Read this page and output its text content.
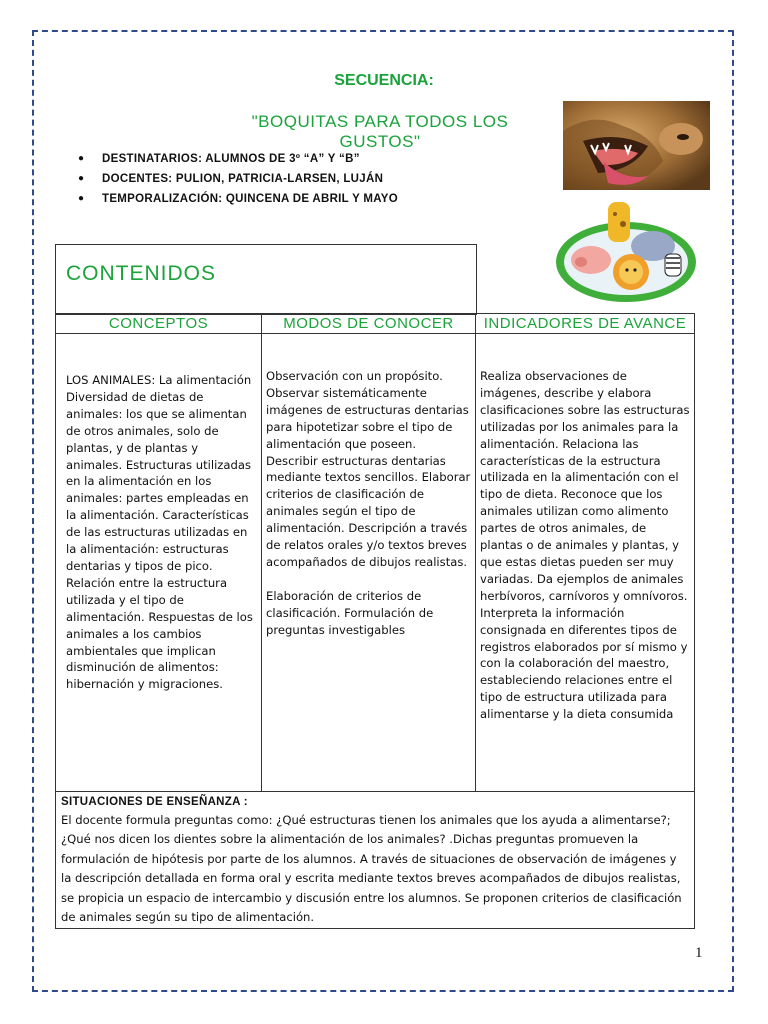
SECUENCIA:
"BOQUITAS PARA TODOS LOS GUSTOS"
● DESTINATARIOS: ALUMNOS DE 3º “A” Y “B”
● DOCENTES: PULION, PATRICIA-LARSEN, LUJÁN
● TEMPORALIZACIÓN: QUINCENA DE ABRIL Y MAYO
CONTENIDOS
CONCEPTOS	MODOS DE CONOCER	INDICADORES DE AVANCE
LOS ANIMALES: La alimentación Diversidad de dietas de animales: los que se alimentan de otros animales, solo de plantas, y de plantas y animales. Estructuras utilizadas en la alimentación en los animales: partes empleadas en la alimentación. Características de las estructuras utilizadas en la alimentación: estructuras dentarias y tipos de pico. Relación entre la estructura utilizada y el tipo de alimentación. Respuestas de los animales a los cambios ambientales que implican disminución de alimentos: hibernación y migraciones.
Observación con un propósito. Observar sistemáticamente imágenes de estructuras dentarias para hipotetizar sobre el tipo de alimentación que poseen. Describir estructuras dentarias mediante textos sencillos. Elaborar criterios de clasificación de animales según el tipo de alimentación. Descripción a través de relatos orales y/o textos breves acompañados de dibujos realistas.
Elaboración de criterios de clasificación. Formulación de preguntas investigables
Realiza observaciones de imágenes, describe y elabora clasificaciones sobre las estructuras utilizadas por los animales para la alimentación. Relaciona las características de la estructura utilizada en la alimentación con el tipo de dieta. Reconoce que los animales utilizan como alimento partes de otros animales, de plantas o de animales y plantas, y que estas dietas pueden ser muy variadas. Da ejemplos de animales herbívoros, carnívoros y omnívoros. Interpreta la información consignada en diferentes tipos de registros elaborados por sí mismo y con la colaboración del maestro, estableciendo relaciones entre el tipo de estructura utilizada para alimentarse y la dieta consumida
SITUACIONES DE ENSEÑANZA :
El docente formula preguntas como: ¿Qué estructuras tienen los animales que los ayuda a alimentarse?; ¿Qué nos dicen los dientes sobre la alimentación de los animales? .Dichas preguntas promueven la formulación de hipótesis por parte de los alumnos. A través de situaciones de observación de imágenes y la descripción detallada en forma oral y escrita mediante textos breves acompañados de dibujos realistas, se propicia un espacio de intercambio y discusión entre los alumnos. Se proponen criterios de clasificación de animales según su tipo de alimentación.
1
